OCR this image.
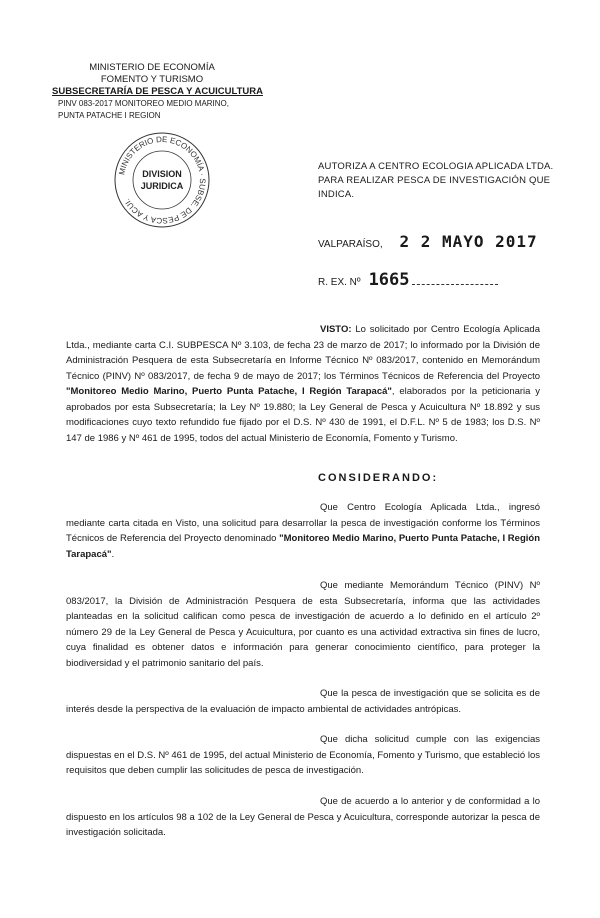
MINISTERIO DE ECONOMÍA
FOMENTO Y TURISMO
SUBSECRETARÍA DE PESCA Y ACUICULTURA
PINV 083-2017 MONITOREO MEDIO MARINO,
PUNTA PATACHE I REGION
MINISTERIO DE ECONOMÍA · SUBSE. DE PESCA Y ACUI.
DIVISION
JURIDICA
AUTORIZA A CENTRO ECOLOGIA APLICADA LTDA.
PARA REALIZAR PESCA DE INVESTIGACIÓN QUE
INDICA.
VALPARAÍSO, 2 2 MAYO 2017
R. EX. Nº 1665

VISTO: Lo solicitado por Centro Ecología Aplicada Ltda., mediante carta C.I. SUBPESCA Nº 3.103, de fecha 23 de marzo de 2017; lo informado por la División de Administración Pesquera de esta Subsecretaría en Informe Técnico Nº 083/2017, contenido en Memorándum Técnico (PINV) Nº 083/2017, de fecha 9 de mayo de 2017; los Términos Técnicos de Referencia del Proyecto "Monitoreo Medio Marino, Puerto Punta Patache, I Región Tarapacá", elaborados por la peticionaria y aprobados por esta Subsecretaría; la Ley Nº 19.880; la Ley General de Pesca y Acuicultura Nº 18.892 y sus modificaciones cuyo texto refundido fue fijado por el D.S. Nº 430 de 1991, el D.F.L. Nº 5 de 1983; los D.S. Nº 147 de 1986 y Nº 461 de 1995, todos del actual Ministerio de Economía, Fomento y Turismo.

CONSIDERANDO:

Que Centro Ecología Aplicada Ltda., ingresó mediante carta citada en Visto, una solicitud para desarrollar la pesca de investigación conforme los Términos Técnicos de Referencia del Proyecto denominado "Monitoreo Medio Marino, Puerto Punta Patache, I Región Tarapacá".

Que mediante Memorándum Técnico (PINV) Nº 083/2017, la División de Administración Pesquera de esta Subsecretaría, informa que las actividades planteadas en la solicitud califican como pesca de investigación de acuerdo a lo definido en el artículo 2º número 29 de la Ley General de Pesca y Acuicultura, por cuanto es una actividad extractiva sin fines de lucro, cuya finalidad es obtener datos e información para generar conocimiento científico, para proteger la biodiversidad y el patrimonio sanitario del país.

Que la pesca de investigación que se solicita es de interés desde la perspectiva de la evaluación de impacto ambiental de actividades antrópicas.

Que dicha solicitud cumple con las exigencias dispuestas en el D.S. Nº 461 de 1995, del actual Ministerio de Economía, Fomento y Turismo, que estableció los requisitos que deben cumplir las solicitudes de pesca de investigación.

Que de acuerdo a lo anterior y de conformidad a lo dispuesto en los artículos 98 a 102 de la Ley General de Pesca y Acuicultura, corresponde autorizar la pesca de investigación solicitada.
